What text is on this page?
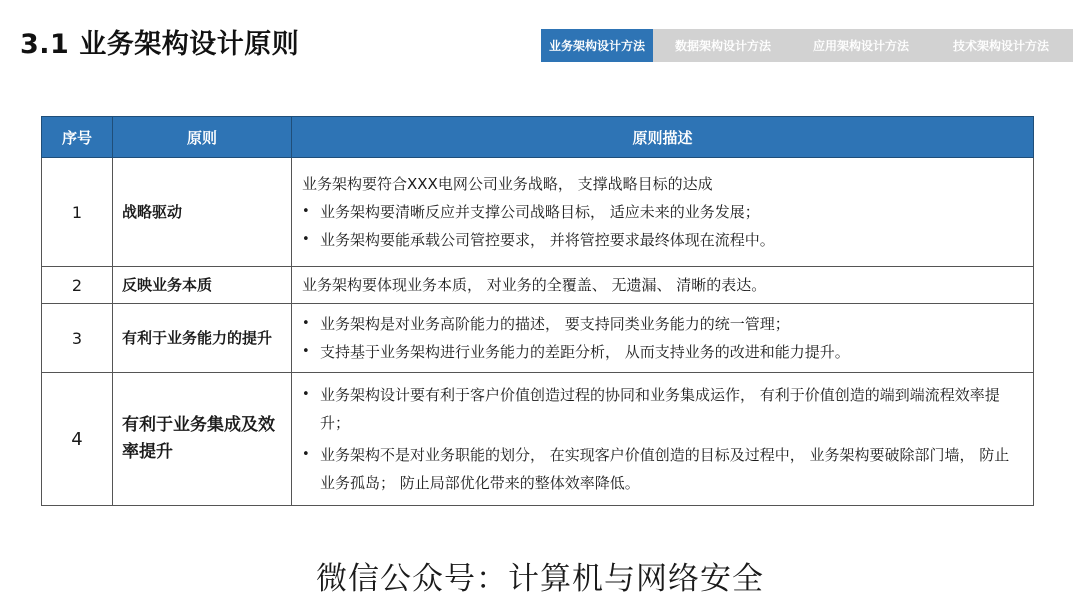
3.1 业务架构设计原则	业务架构设计方法	数据架构设计方法	应用架构设计方法	技术架构设计方法
序号	原则	原则描述
1	战略驱动	业务架构要符合XXX电网公司业务战略， 支撑战略目标的达成
• 业务架构要清晰反应并支撑公司战略目标， 适应未来的业务发展；
• 业务架构要能承载公司管控要求， 并将管控要求最终体现在流程中。

2	反映业务本质	业务架构要体现业务本质， 对业务的全覆盖、 无遗漏、 清晰的表达。

3	有利于业务能力的提升	• 业务架构是对业务高阶能力的描述， 要支持同类业务能力的统一管理；
• 支持基于业务架构进行业务能力的差距分析， 从而支持业务的改进和能力提升。

4	有利于业务集成及效率提升	• 业务架构设计要有利于客户价值创造过程的协同和业务集成运作， 有利于价值创造的端到端流程效率提升；
• 业务架构不是对业务职能的划分， 在实现客户价值创造的目标及过程中， 业务架构要破除部门墙， 防止业务孤岛； 防止局部优化带来的整体效率降低。
微信公众号：计算机与网络安全
